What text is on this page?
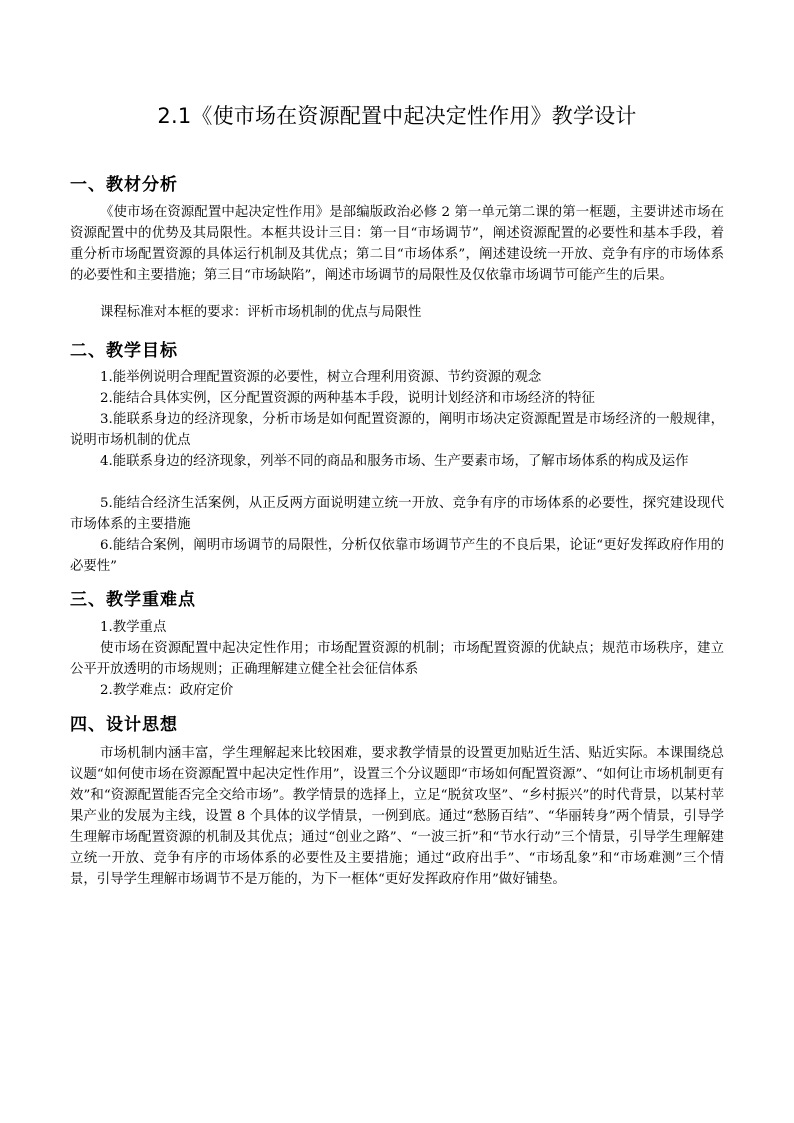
2.1《使市场在资源配置中起决定性作用》教学设计
一、教材分析

《使市场在资源配置中起决定性作用》是部编版政治必修 2 第一单元第二课的第一框题，主要讲述市场在资源配置中的优势及其局限性。本框共设计三目：第一目“市场调节”，阐述资源配置的必要性和基本手段，着重分析市场配置资源的具体运行机制及其优点；第二目“市场体系”，阐述建设统一开放、竞争有序的市场体系的必要性和主要措施；第三目“市场缺陷”，阐述市场调节的局限性及仅依靠市场调节可能产生的后果。

课程标准对本框的要求：评析市场机制的优点与局限性

二、教学目标

1.能举例说明合理配置资源的必要性，树立合理利用资源、节约资源的观念

2.能结合具体实例，区分配置资源的两种基本手段，说明计划经济和市场经济的特征

3.能联系身边的经济现象，分析市场是如何配置资源的，阐明市场决定资源配置是市场经济的一般规律，说明市场机制的优点

4.能联系身边的经济现象，列举不同的商品和服务市场、生产要素市场，了解市场体系的构成及运作

5.能结合经济生活案例，从正反两方面说明建立统一开放、竞争有序的市场体系的必要性，探究建设现代市场体系的主要措施

6.能结合案例，阐明市场调节的局限性，分析仅依靠市场调节产生的不良后果，论证“更好发挥政府作用的必要性”

三、教学重难点
1.教学重点

使市场在资源配置中起决定性作用；市场配置资源的机制；市场配置资源的优缺点；规范市场秩序，建立公平开放透明的市场规则；正确理解建立健全社会征信体系

2.教学难点：政府定价
四、设计思想

市场机制内涵丰富，学生理解起来比较困难，要求教学情景的设置更加贴近生活、贴近实际。本课围绕总议题“如何使市场在资源配置中起决定性作用”，设置三个分议题即“市场如何配置资源”、“如何让市场机制更有效”和“资源配置能否完全交给市场”。教学情景的选择上，立足“脱贫攻坚”、“乡村振兴”的时代背景，以某村苹果产业的发展为主线，设置 8 个具体的议学情景，一例到底。通过“愁肠百结”、“华丽转身”两个情景，引导学生理解市场配置资源的机制及其优点；通过“创业之路”、“一波三折”和“节水行动”三个情景，引导学生理解建立统一开放、竞争有序的市场体系的必要性及主要措施；通过“政府出手”、“市场乱象”和“市场难测”三个情景，引导学生理解市场调节不是万能的，为下一框体“更好发挥政府作用”做好铺垫。
